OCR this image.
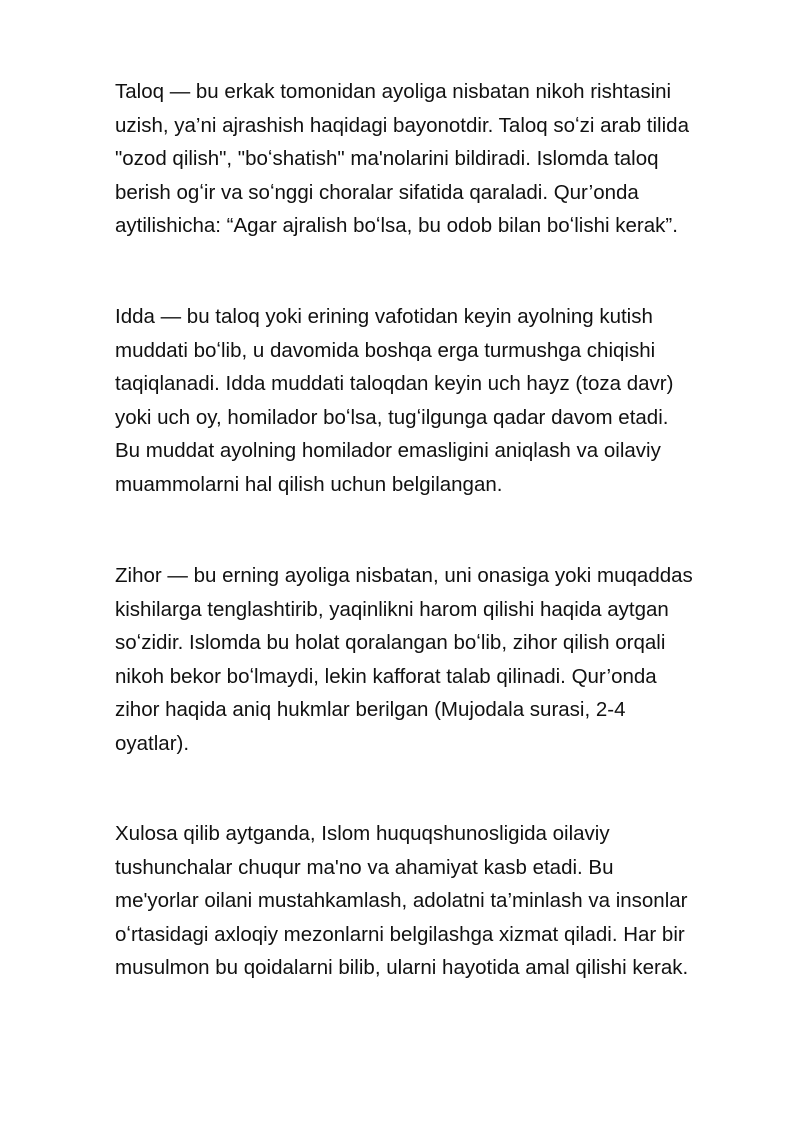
Taloq — bu erkak tomonidan ayoliga nisbatan nikoh rishtasini
uzish, ya’ni ajrashish haqidagi bayonotdir. Taloq soʻzi arab tilida
"ozod qilish", "boʻshatish" ma'nolarini bildiradi. Islomda taloq
berish ogʻir va soʻnggi choralar sifatida qaraladi. Qur’onda
aytilishicha: “Agar ajralish boʻlsa, bu odob bilan boʻlishi kerak”.

Idda — bu taloq yoki erining vafotidan keyin ayolning kutish
muddati boʻlib, u davomida boshqa erga turmushga chiqishi
taqiqlanadi. Idda muddati taloqdan keyin uch hayz (toza davr)
yoki uch oy, homilador boʻlsa, tugʻilgunga qadar davom etadi.
Bu muddat ayolning homilador emasligini aniqlash va oilaviy
muammolarni hal qilish uchun belgilangan.

Zihor — bu erning ayoliga nisbatan, uni onasiga yoki muqaddas
kishilarga tenglashtirib, yaqinlikni harom qilishi haqida aytgan
soʻzidir. Islomda bu holat qoralangan boʻlib, zihor qilish orqali
nikoh bekor boʻlmaydi, lekin kafforat talab qilinadi. Qur’onda
zihor haqida aniq hukmlar berilgan (Mujodala surasi, 2-4
oyatlar).

Xulosa qilib aytganda, Islom huquqshunosligida oilaviy
tushunchalar chuqur ma'no va ahamiyat kasb etadi. Bu
me'yorlar oilani mustahkamlash, adolatni ta’minlash va insonlar
oʻrtasidagi axloqiy mezonlarni belgilashga xizmat qiladi. Har bir
musulmon bu qoidalarni bilib, ularni hayotida amal qilishi kerak.
